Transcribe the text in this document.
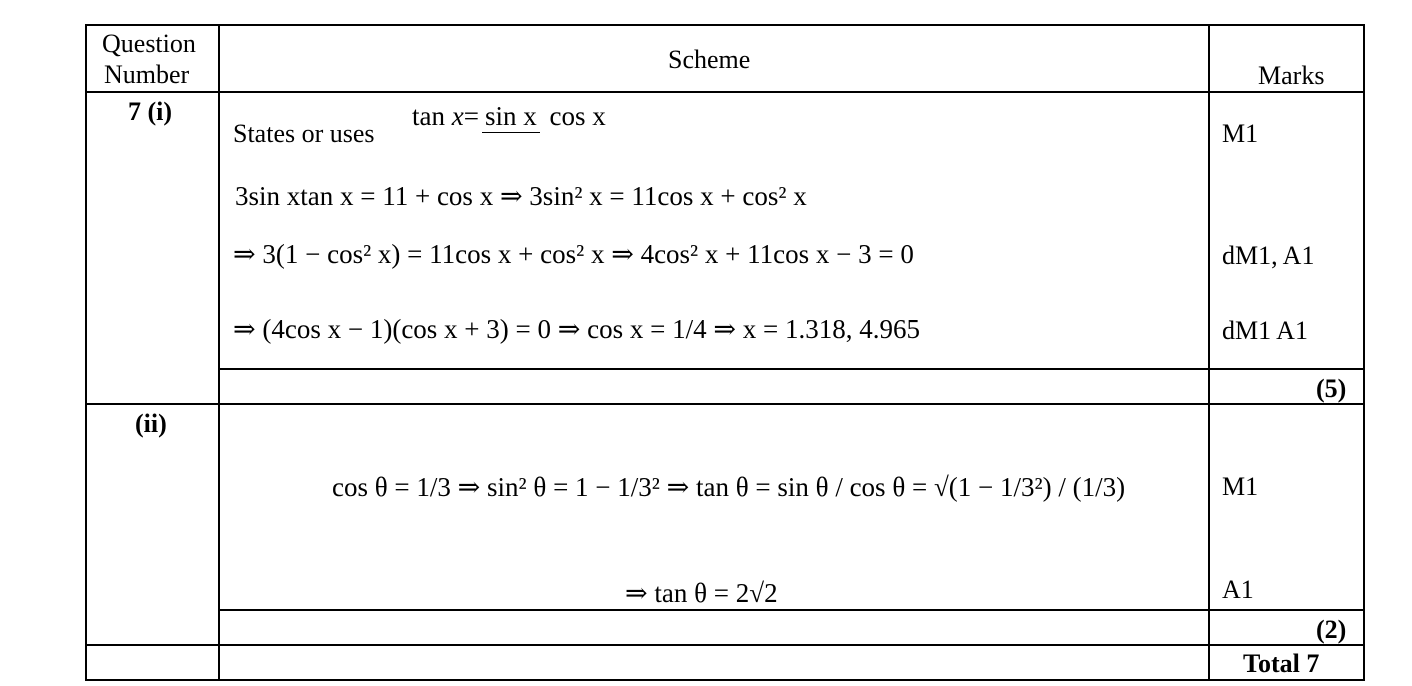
Question
Number
Scheme
Marks
7 (i)
States or uses
tan
x = sin x cos x
3sin xtan x = 11 + cos x ⇒ 3sin² x = 11cos x + cos² x
⇒ 3(1 − cos² x) = 11cos x + cos² x ⇒ 4cos² x + 11cos x − 3 = 0
⇒ (4cos x − 1)(cos x + 3) = 0 ⇒ cos x = 1/4 ⇒ x = 1.318, 4.965
M1
dM1, A1
dM1 A1
(5)
(ii)
cos θ = 1/3 ⇒ sin² θ = 1 − 1/3² ⇒ tan θ = sin θ / cos θ = √(1 − 1/3²) / (1/3)
⇒ tan θ = 2√2
M1
A1
(2)
Total 7
